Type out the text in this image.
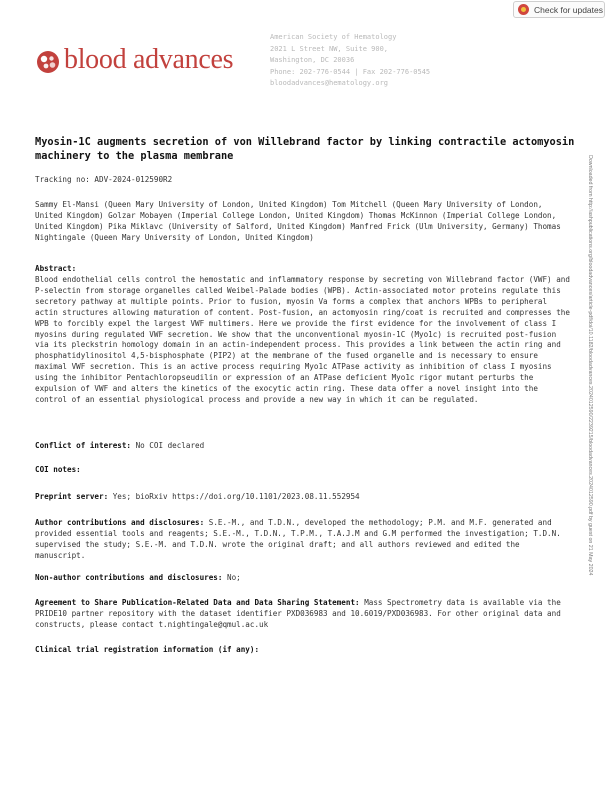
Check for updates
blood advances
American Society of Hematology
2021 L Street NW, Suite 900,
Washington, DC 20036
Phone: 202-776-0544 | Fax 202-776-0545
bloodadvances@hematology.org
Myosin-1C augments secretion of von Willebrand factor by linking contractile actomyosin machinery to the plasma membrane	Downloaded from http://ashpublications.org/bloodadvances/article-pdf/doi/10.1182/bloodadvances.2024012590/2239215/bloodadvances.2024012590.pdf by guest on 21 May 2024

Tracking no: ADV-2024-012590R2

Sammy El-Mansi (Queen Mary University of London, United Kingdom) Tom Mitchell (Queen Mary University of London, United Kingdom) Golzar Mobayen (Imperial College London, United Kingdom) Thomas McKinnon (Imperial College London, United Kingdom) Pika Miklavc (University of Salford, United Kingdom) Manfred Frick (Ulm University, Germany) Thomas Nightingale (Queen Mary University of London, United Kingdom)

Abstract:

Blood endothelial cells control the hemostatic and inflammatory response by secreting von Willebrand factor (VWF) and P-selectin from storage organelles called Weibel-Palade bodies (WPB). Actin-associated motor proteins regulate this secretory pathway at multiple points. Prior to fusion, myosin Va forms a complex that anchors WPBs to peripheral actin structures allowing maturation of content. Post-fusion, an actomyosin ring/coat is recruited and compresses the WPB to forcibly expel the largest VWF multimers. Here we provide the first evidence for the involvement of class I myosins during regulated VWF secretion. We show that the unconventional myosin-1C (Myo1c) is recruited post-fusion via its pleckstrin homology domain in an actin-independent process. This provides a link between the actin ring and phosphatidylinositol 4,5-bisphosphate (PIP2) at the membrane of the fused organelle and is necessary to ensure maximal VWF secretion. This is an active process requiring Myo1c ATPase activity as inhibition of class I myosins using the inhibitor Pentachloropseudilin or expression of an ATPase deficient Myo1c rigor mutant perturbs the expulsion of VWF and alters the kinetics of the exocytic actin ring. These data offer a novel insight into the control of an essential physiological process and provide a new way in which it can be regulated.

Conflict of interest: No COI declared

COI notes:

Preprint server: Yes; bioRxiv https://doi.org/10.1101/2023.08.11.552954

Author contributions and disclosures: S.E.-M., and T.D.N., developed the methodology; P.M. and M.F. generated and provided essential tools and reagents; S.E.-M., T.D.N., T.P.M., T.A.J.M and G.M performed the investigation; T.D.N. supervised the study; S.E.-M. and T.D.N. wrote the original draft; and all authors reviewed and edited the manuscript.

Non-author contributions and disclosures: No;

Agreement to Share Publication-Related Data and Data Sharing Statement: Mass Spectrometry data is available via the PRIDE10 partner repository with the dataset identifier PXD036983 and 10.6019/PXD036983. For other original data and constructs, please contact t.nightingale@qmul.ac.uk

Clinical trial registration information (if any):
